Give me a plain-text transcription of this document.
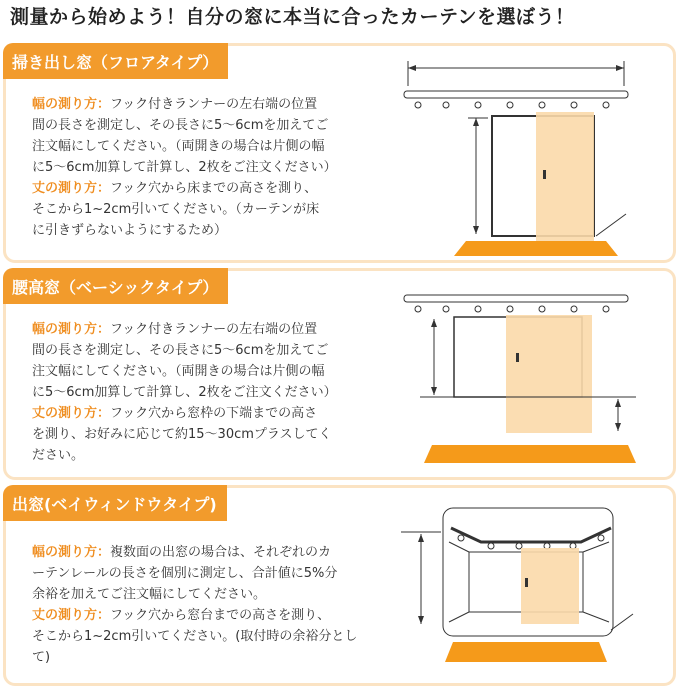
測量から始めよう！自分の窓に本当に合ったカーテンを選ぼう！
掃き出し窓（フロアタイプ）
幅の測り方：フック付きランナーの左右端の位置
間の長さを測定し、その長さに5～6cmを加えてご
注文幅にしてください。（両開きの場合は片側の幅
に5～6cm加算して計算し、2枚をご注文ください）
丈の測り方：フック穴から床までの高さを測り、
そこから1~2cm引いてください。（カーテンが床
に引きずらないようにするため）
腰高窓（ベーシックタイプ）
幅の測り方：フック付きランナーの左右端の位置
間の長さを測定し、その長さに5～6cmを加えてご
注文幅にしてください。（両開きの場合は片側の幅
に5～6cm加算して計算し、2枚をご注文ください）
丈の測り方：フック穴から窓枠の下端までの高さ
を測り、お好みに応じて約15～30cmプラスしてく
ださい。
出窓(ベイウィンドウタイプ)
幅の測り方：複数面の出窓の場合は、それぞれのカ
ーテンレールの長さを個別に測定し、合計値に5%分
余裕を加えてご注文幅にしてください。
丈の測り方：フック穴から窓台までの高さを測り、
そこから1~2cm引いてください。(取付時の余裕分とし
て)
